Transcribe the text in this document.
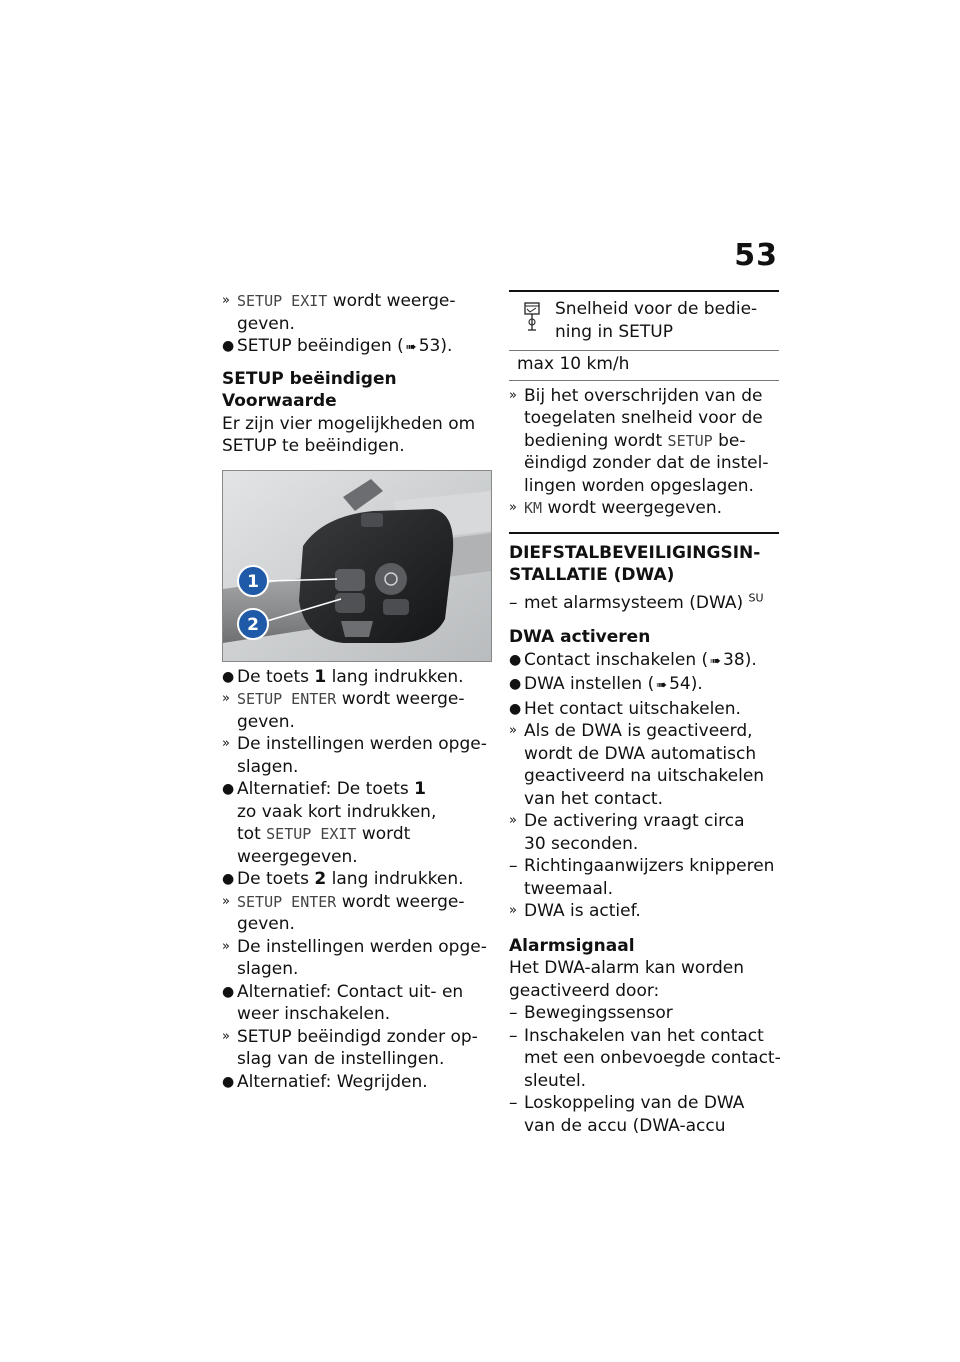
53
» SETUP EXIT wordt weerge-
geven.
● SETUP beëindigen ( ➠ 53).
SETUP beëindigen
Voorwaarde
Er zijn vier mogelijkheden om
SETUP te beëindigen.
1
2
● De toets 1 lang indrukken.
» SETUP ENTER wordt weerge-
geven.
» De instellingen werden opge-
slagen.
● Alternatief: De toets 1
zo vaak kort indrukken,
tot SETUP EXIT wordt
weergegeven.
● De toets 2 lang indrukken.
» SETUP ENTER wordt weerge-
geven.
» De instellingen werden opge-
slagen.
● Alternatief: Contact uit- en
weer inschakelen.
» SETUP beëindigd zonder op-
slag van de instellingen.
● Alternatief: Wegrijden.
Snelheid voor de bedie-
ning in SETUP
max 10 km/h
» Bij het overschrijden van de
toegelaten snelheid voor de
bediening wordt SETUP be-
ëindigd zonder dat de instel-
lingen worden opgeslagen.
» KM wordt weergegeven.
DIEFSTALBEVEILIGINGSIN-
STALLATIE (DWA)
– met alarmsysteem (DWA) $^{SU}$
DWA activeren
● Contact inschakelen ( ➠ 38).
● DWA instellen ( ➠ 54).
● Het contact uitschakelen.
» Als de DWA is geactiveerd,
wordt de DWA automatisch
geactiveerd na uitschakelen
van het contact.
» De activering vraagt circa
30 seconden.
– Richtingaanwijzers knipperen
tweemaal.
» DWA is actief.
Alarmsignaal
Het DWA-alarm kan worden
geactiveerd door:
– Bewegingssensor
– Inschakelen van het contact
met een onbevoegde contact-
sleutel.
– Loskoppeling van de DWA
van de accu (DWA-accu
